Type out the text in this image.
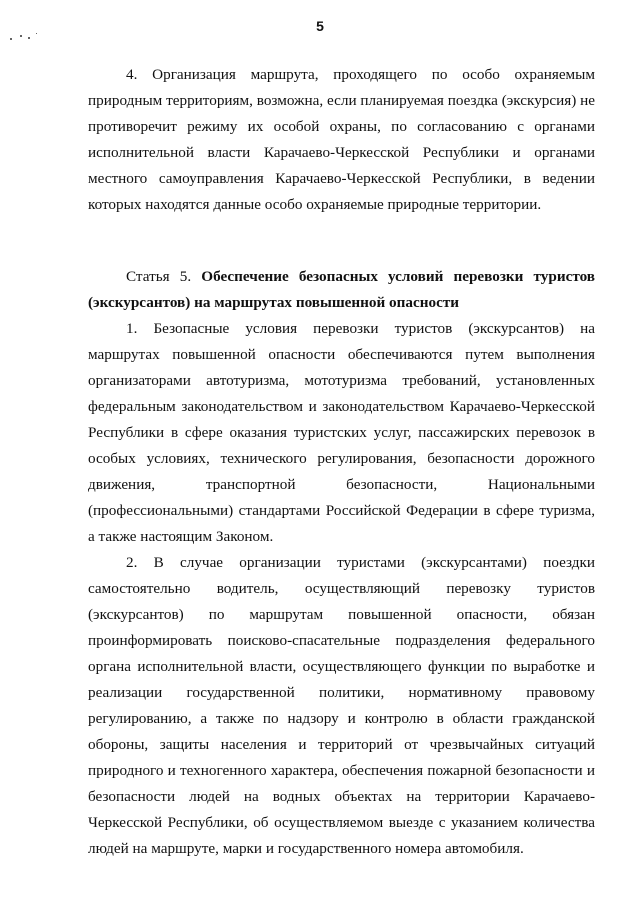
5

4. Организация маршрута, проходящего по особо охраняемым природным территориям, возможна, если планируемая поездка (экскурсия) не противоречит режиму их особой охраны, по согласованию с органами исполнительной власти Карачаево-Черкесской Республики и органами местного самоуправления Карачаево-Черкесской Республики, в ведении которых находятся данные особо охраняемые природные территории.

Статья 5. Обеспечение безопасных условий перевозки туристов (экскурсантов) на маршрутах повышенной опасности

1. Безопасные условия перевозки туристов (экскурсантов) на маршрутах повышенной опасности обеспечиваются путем выполнения организаторами автотуризма, мототуризма требований, установленных федеральным законодательством и законодательством Карачаево-Черкесской Республики в сфере оказания туристских услуг, пассажирских перевозок в особых условиях, технического регулирования, безопасности дорожного движения, транспортной безопасности, Национальными (профессиональными) стандартами Российской Федерации в сфере туризма, а также настоящим Законом.

2. В случае организации туристами (экскурсантами) поездки самостоятельно водитель, осуществляющий перевозку туристов (экскурсантов) по маршрутам повышенной опасности, обязан проинформировать поисково-спасательные подразделения федерального органа исполнительной власти, осуществляющего функции по выработке и реализации государственной политики, нормативному правовому регулированию, а также по надзору и контролю в области гражданской обороны, защиты населения и территорий от чрезвычайных ситуаций природного и техногенного характера, обеспечения пожарной безопасности и безопасности людей на водных объектах на территории Карачаево-Черкесской Республики, об осуществляемом выезде с указанием количества людей на маршруте, марки и государственного номера автомобиля.
